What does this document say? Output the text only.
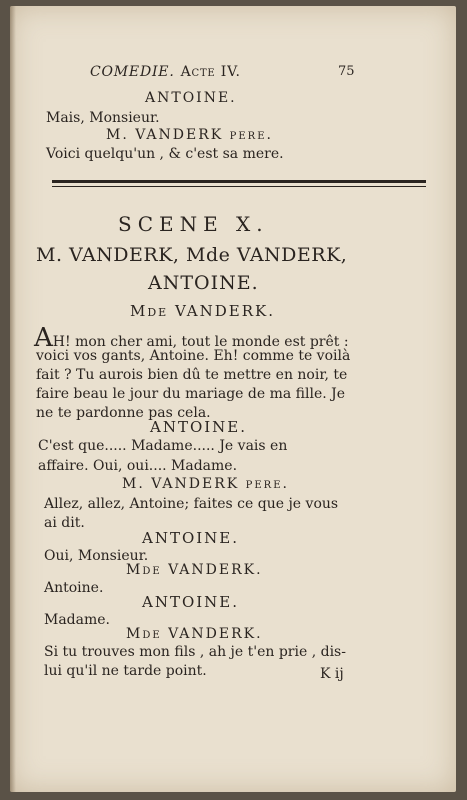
COMEDIE. Acte IV.	75
ANTOINE.
Mais, Monsieur.
M. VANDERK pere.
Voici quelqu'un , & c'est sa mere.
SCENE X.
M. VANDERK, Mde VANDERK,
ANTOINE.
Mde VANDERK.
AH! mon cher ami, tout le monde est prêt :
voici vos gants, Antoine. Eh! comme te voilà
fait ? Tu aurois bien dû te mettre en noir, te
faire beau le jour du mariage de ma fille. Je
ne te pardonne pas cela.
ANTOINE.
C'est que..... Madame..... Je vais en
affaire. Oui, oui.... Madame.
M. VANDERK pere.
Allez, allez, Antoine; faites ce que je vous
ai dit.
ANTOINE.
Oui, Monsieur.
Mde VANDERK.
Antoine.
ANTOINE.
Madame.
Mde VANDERK.
Si tu trouves mon fils , ah je t'en prie , dis-
lui qu'il ne tarde point.	K ij
